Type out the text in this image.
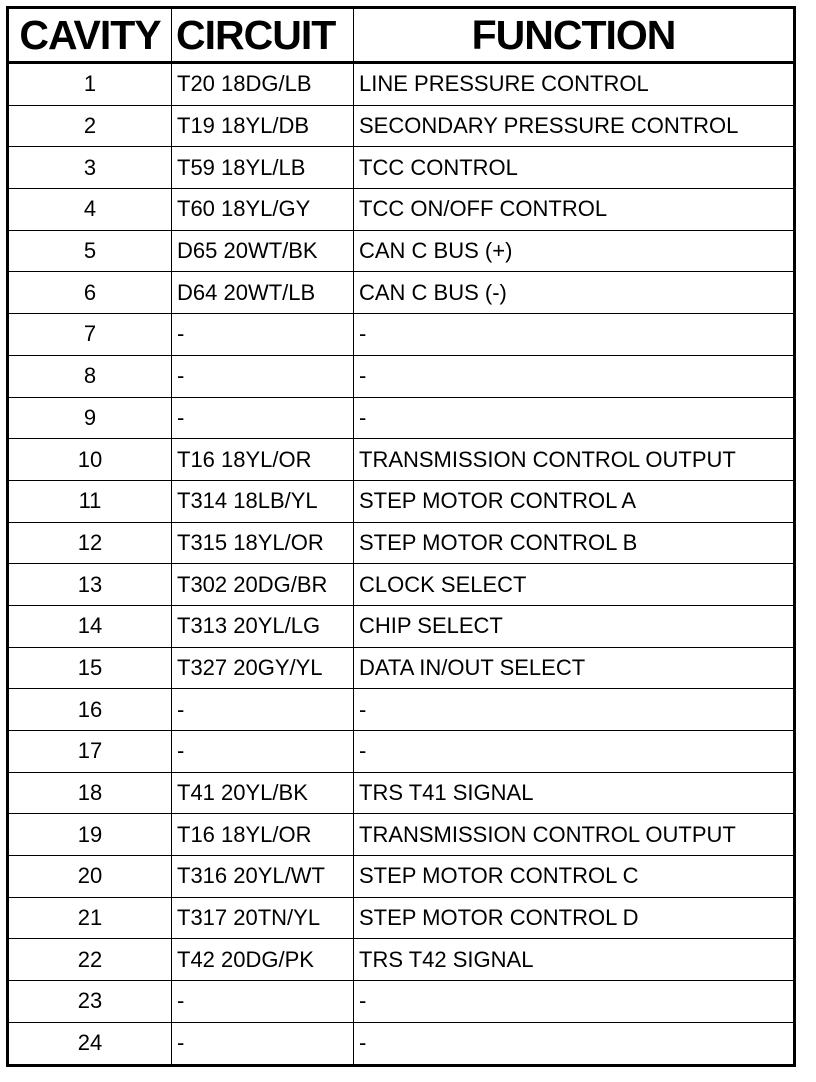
CAVITY	CIRCUIT	FUNCTION
1	T20 18DG/LB	LINE PRESSURE CONTROL
2	T19 18YL/DB	SECONDARY PRESSURE CONTROL
3	T59 18YL/LB	TCC CONTROL
4	T60 18YL/GY	TCC ON/OFF CONTROL
5	D65 20WT/BK	CAN C BUS (+)
6	D64 20WT/LB	CAN C BUS (-)
7	-	-
8	-	-
9	-	-
10	T16 18YL/OR	TRANSMISSION CONTROL OUTPUT
11	T314 18LB/YL	STEP MOTOR CONTROL A
12	T315 18YL/OR	STEP MOTOR CONTROL B
13	T302 20DG/BR	CLOCK SELECT
14	T313 20YL/LG	CHIP SELECT
15	T327 20GY/YL	DATA IN/OUT SELECT
16	-	-
17	-	-
18	T41 20YL/BK	TRS T41 SIGNAL
19	T16 18YL/OR	TRANSMISSION CONTROL OUTPUT
20	T316 20YL/WT	STEP MOTOR CONTROL C
21	T317 20TN/YL	STEP MOTOR CONTROL D
22	T42 20DG/PK	TRS T42 SIGNAL
23	-	-
24	-	-
